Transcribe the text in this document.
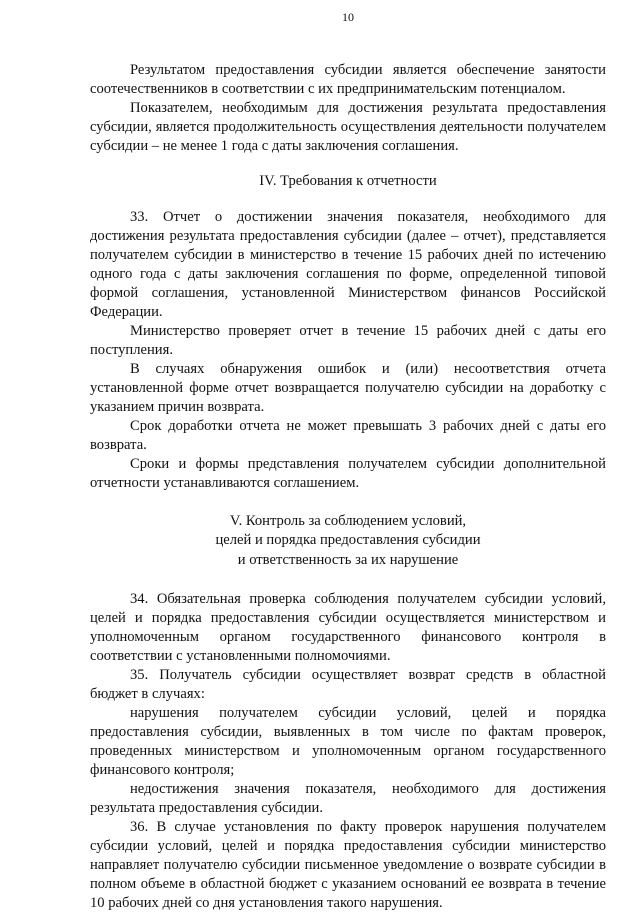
10

Результатом предоставления субсидии является обеспечение занятости соотечественников в соответствии с их предпринимательским потенциалом.

Показателем, необходимым для достижения результата предоставления субсидии, является продолжительность осуществления деятельности получателем субсидии – не менее 1 года с даты заключения соглашения.

IV. Требования к отчетности

33. Отчет о достижении значения показателя, необходимого для достижения результата предоставления субсидии (далее – отчет), представляется получателем субсидии в министерство в течение 15 рабочих дней по истечению одного года с даты заключения соглашения по форме, определенной типовой формой соглашения, установленной Министерством финансов Российской Федерации.

Министерство проверяет отчет в течение 15 рабочих дней с даты его поступления.

В случаях обнаружения ошибок и (или) несоответствия отчета установленной форме отчет возвращается получателю субсидии на доработку с указанием причин возврата.

Срок доработки отчета не может превышать 3 рабочих дней с даты его возврата.

Сроки и формы представления получателем субсидии дополнительной отчетности устанавливаются соглашением.

V. Контроль за соблюдением условий,

целей и порядка предоставления субсидии

и ответственность за их нарушение

34. Обязательная проверка соблюдения получателем субсидии условий, целей и порядка предоставления субсидии осуществляется министерством и уполномоченным органом государственного финансового контроля в соответствии с установленными полномочиями.

35. Получатель субсидии осуществляет возврат средств в областной бюджет в случаях:

нарушения получателем субсидии условий, целей и порядка предоставления субсидии, выявленных в том числе по фактам проверок, проведенных министерством и уполномоченным органом государственного финансового контроля;

недостижения значения показателя, необходимого для достижения результата предоставления субсидии.

36. В случае установления по факту проверок нарушения получателем субсидии условий, целей и порядка предоставления субсидии министерство направляет получателю субсидии письменное уведомление о возврате субсидии в полном объеме в областной бюджет с указанием оснований ее возврата в течение 10 рабочих дней со дня установления такого нарушения.
